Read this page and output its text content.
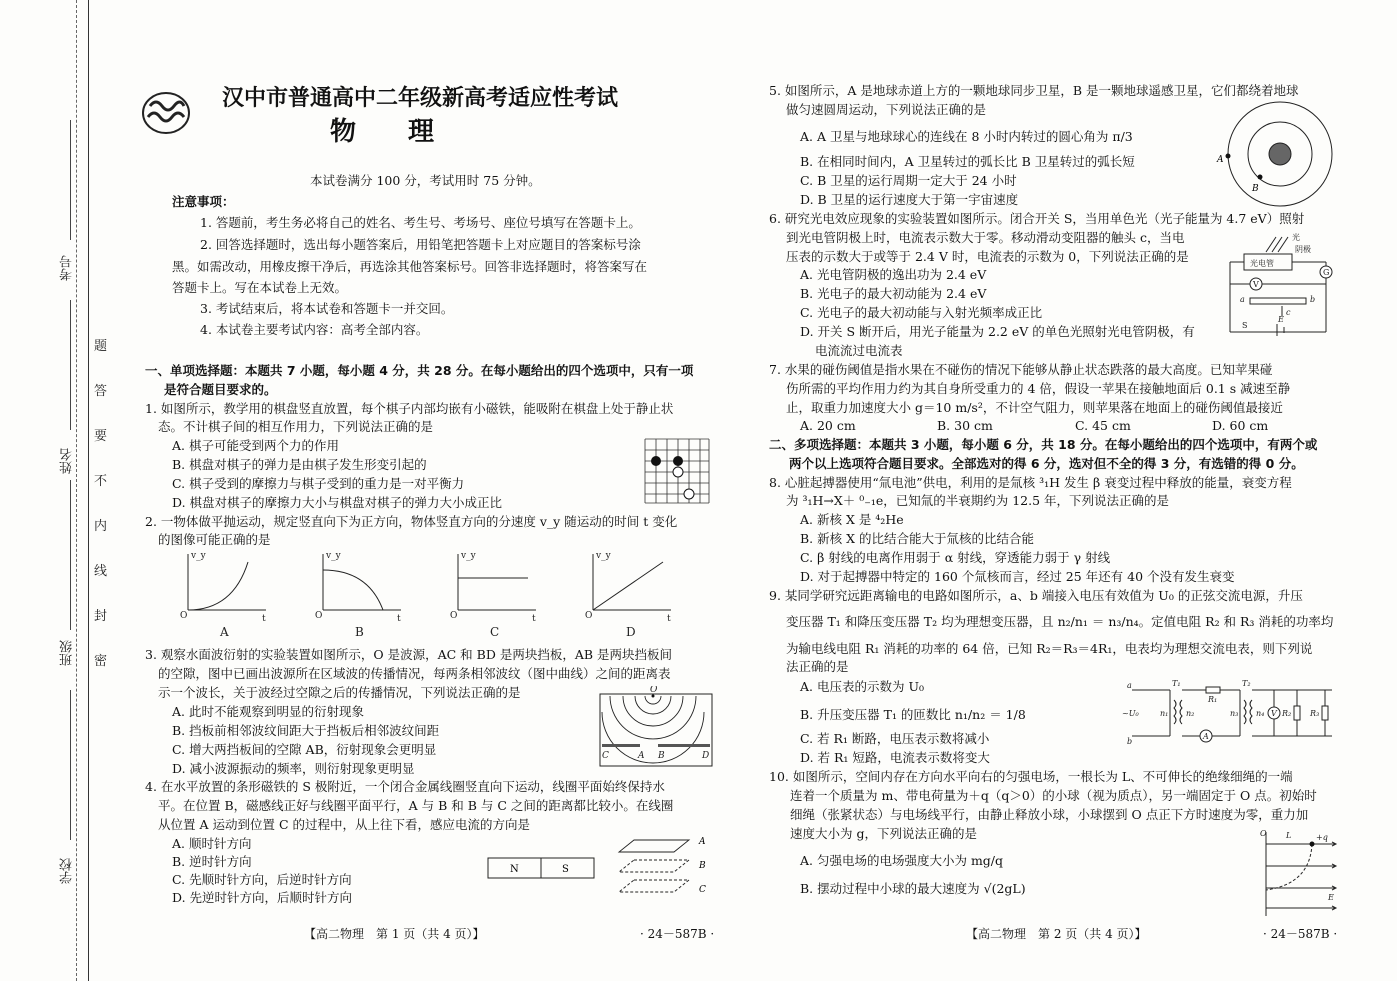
考号
姓名
班级
学校
题
答
要
不
内
线
封
密
汉中市普通高中二年级新高考适应性考试
物　　理
本试卷满分 100 分，考试用时 75 分钟。
注意事项：
1. 答题前，考生务必将自己的姓名、考生号、考场号、座位号填写在答题卡上。
2. 回答选择题时，选出每小题答案后，用铅笔把答题卡上对应题目的答案标号涂
黑。如需改动，用橡皮擦干净后，再选涂其他答案标号。回答非选择题时，将答案写在
答题卡上。写在本试卷上无效。
3. 考试结束后，将本试卷和答题卡一并交回。
4. 本试卷主要考试内容：高考全部内容。
一、单项选择题：本题共 7 小题，每小题 4 分，共 28 分。在每小题给出的四个选项中，只有一项
是符合题目要求的。
1. 如图所示，教学用的棋盘竖直放置，每个棋子内部均嵌有小磁铁，能吸附在棋盘上处于静止状
态。不计棋子间的相互作用力，下列说法正确的是
A. 棋子可能受到两个力的作用
B. 棋盘对棋子的弹力是由棋子发生形变引起的
C. 棋子受到的摩擦力与棋子受到的重力是一对平衡力
D. 棋盘对棋子的摩擦力大小与棋盘对棋子的弹力大小成正比
2. 一物体做平抛运动，规定竖直向下为正方向，物体竖直方向的分速度 v_y 随运动的时间 t 变化
的图像可能正确的是
v_y
t
O
v_y
t
O
v_y
t
O
v_y
t
O
A	B	C	D
3. 观察水面波衍射的实验装置如图所示，O 是波源，AC 和 BD 是两块挡板，AB 是两块挡板间
的空隙，图中已画出波源所在区域波的传播情况，每两条相邻波纹（图中曲线）之间的距离表
示一个波长，关于波经过空隙之后的传播情况，下列说法正确的是
A. 此时不能观察到明显的衍射现象
B. 挡板前相邻波纹间距大于挡板后相邻波纹间距
C. 增大两挡板间的空隙 AB，衍射现象会更明显
D. 减小波源振动的频率，则衍射现象更明显
O
C	A B	D
4. 在水平放置的条形磁铁的 S 极附近，一个闭合金属线圈竖直向下运动，线圈平面始终保持水
平。在位置 B，磁感线正好与线圈平面平行，A 与 B 和 B 与 C 之间的距离都比较小。在线圈
从位置 A 运动到位置 C 的过程中，从上往下看，感应电流的方向是
A. 顺时针方向
B. 逆时针方向
C. 先顺时针方向，后逆时针方向
D. 先逆时针方向，后顺时针方向
N	S
A
B
C
【高二物理　第 1 页（共 4 页）】	· 24－587B ·
5. 如图所示，A 是地球赤道上方的一颗地球同步卫星，B 是一颗地球遥感卫星，它们都绕着地球
做匀速圆周运动，下列说法正确的是
A. A 卫星与地球球心的连线在 8 小时内转过的圆心角为 π/3
B. 在相同时间内，A 卫星转过的弧长比 B 卫星转过的弧长短
C. B 卫星的运行周期一定大于 24 小时
D. B 卫星的运行速度大于第一宇宙速度
A
B
6. 研究光电效应现象的实验装置如图所示。闭合开关 S，当用单色光（光子能量为 4.7 eV）照射
到光电管阴极上时，电流表示数大于零。移动滑动变阻器的触头 c，当电
压表的示数大于或等于 2.4 V 时，电流表的示数为 0，下列说法正确的是
A. 光电管阴极的逸出功为 2.4 eV
B. 光电子的最大初动能为 2.4 eV
C. 光电子的最大初动能与入射光频率成正比
D. 开关 S 断开后，用光子能量为 2.2 eV 的单色光照射光电管阴极，有
电流流过电流表
光
阴极
光电管
G
V
a	b
c
E
S
7. 水果的碰伤阈值是指水果在不碰伤的情况下能够从静止状态跌落的最大高度。已知苹果碰
伤所需的平均作用力约为其自身所受重力的 4 倍，假设一苹果在接触地面后 0.1 s 减速至静
止，取重力加速度大小 g＝10 m/s²，不计空气阻力，则苹果落在地面上的碰伤阈值最接近
A. 20 cm	B. 30 cm	C. 45 cm	D. 60 cm
二、多项选择题：本题共 3 小题，每小题 6 分，共 18 分。在每小题给出的四个选项中，有两个或
两个以上选项符合题目要求。全部选对的得 6 分，选对但不全的得 3 分，有选错的得 0 分。
8. 心脏起搏器使用“氚电池”供电，利用的是氚核 ³₁H 发生 β 衰变过程中释放的能量，衰变方程
为 ³₁H→X＋ ⁰₋₁e，已知氚的半衰期约为 12.5 年，下列说法正确的是
A. 新核 X 是 ⁴₂He
B. 新核 X 的比结合能大于氚核的比结合能
C. β 射线的电离作用弱于 α 射线，穿透能力弱于 γ 射线
D. 对于起搏器中特定的 160 个氚核而言，经过 25 年还有 40 个没有发生衰变
9. 某同学研究远距离输电的电路如图所示，a、b 端接入电压有效值为 U₀ 的正弦交流电源，升压
变压器 T₁ 和降压变压器 T₂ 均为理想变压器，且 n₂/n₁ ＝ n₃/n₄。定值电阻 R₂ 和 R₃ 消耗的功率均
为输电线电阻 R₁ 消耗的功率的 64 倍，已知 R₂＝R₃＝4R₁，电表均为理想交流电表，则下列说
法正确的是
A. 电压表的示数为 U₀
B. 升压变压器 T₁ 的匝数比 n₁/n₂ ＝ 1/8
C. 若 R₁ 断路，电压表示数将减小
D. 若 R₁ 短路，电流表示数将变大
a
b
~U₀
T₁	T₂
n₁ n₂	n₃ n₄
R₁
R₂ R₃
A
V
10. 如图所示，空间内存在方向水平向右的匀强电场，一根长为 L、不可伸长的绝缘细绳的一端
连着一个质量为 m、带电荷量为＋q（q＞0）的小球（视为质点），另一端固定于 O 点。初始时
细绳（张紧状态）与电场线平行，由静止释放小球，小球摆到 O 点正下方时速度为零，重力加
速度大小为 g，下列说法正确的是
A. 匀强电场的电场强度大小为 mg/q
B. 摆动过程中小球的最大速度为 √(2gL)
O L	+q
E
【高二物理　第 2 页（共 4 页）】	· 24－587B ·
